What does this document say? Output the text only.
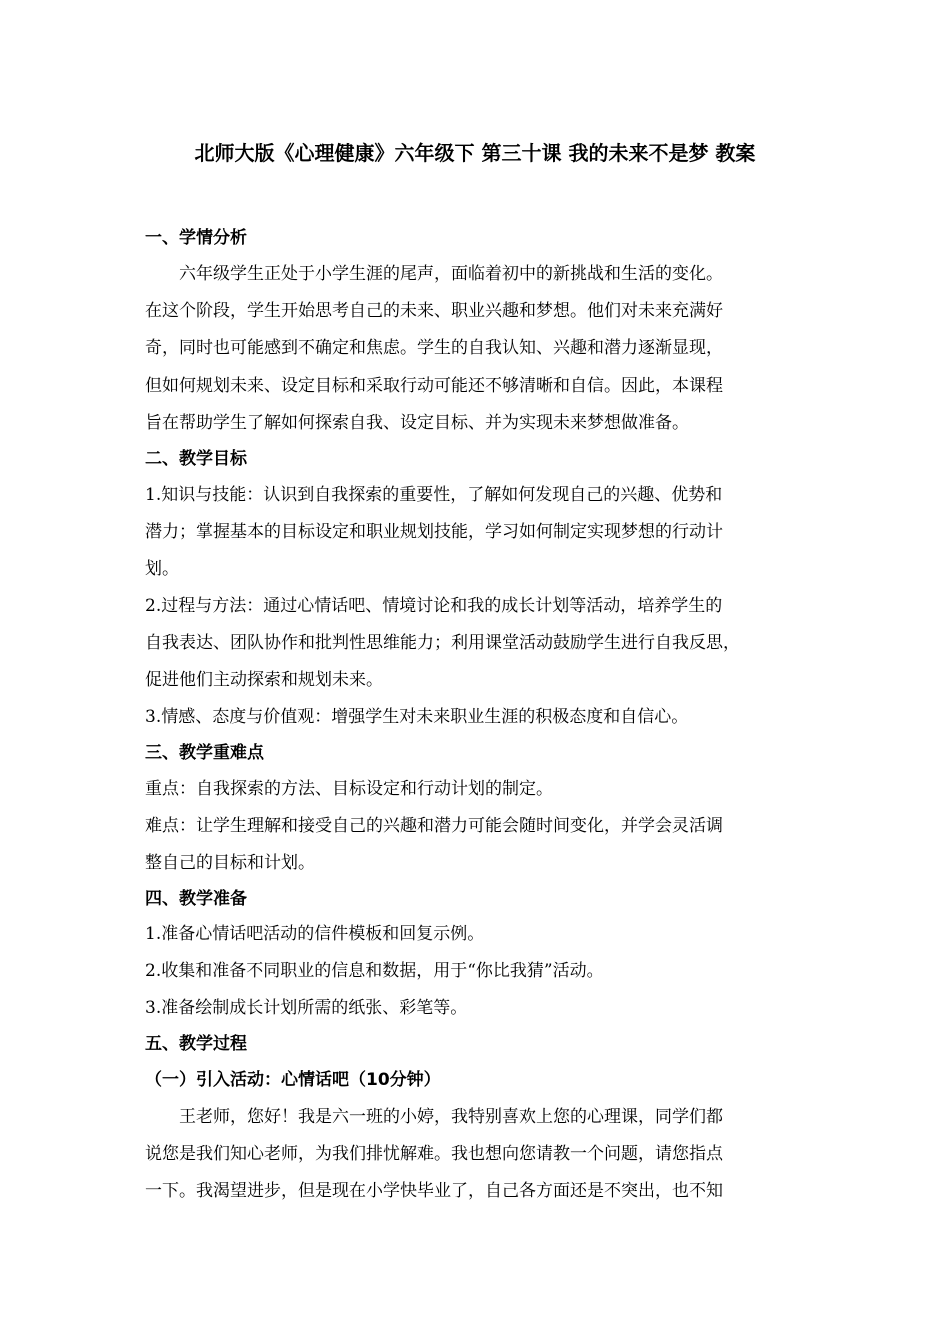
北师大版《心理健康》六年级下 第三十课 我的未来不是梦 教案
一、学情分析
六年级学生正处于小学生涯的尾声，面临着初中的新挑战和生活的变化。
在这个阶段，学生开始思考自己的未来、职业兴趣和梦想。他们对未来充满好
奇，同时也可能感到不确定和焦虑。学生的自我认知、兴趣和潜力逐渐显现，
但如何规划未来、设定目标和采取行动可能还不够清晰和自信。因此，本课程
旨在帮助学生了解如何探索自我、设定目标、并为实现未来梦想做准备。
二、教学目标
1.知识与技能：认识到自我探索的重要性，了解如何发现自己的兴趣、优势和
潜力；掌握基本的目标设定和职业规划技能，学习如何制定实现梦想的行动计
划。
2.过程与方法：通过心情话吧、情境讨论和我的成长计划等活动，培养学生的
自我表达、团队协作和批判性思维能力；利用课堂活动鼓励学生进行自我反思，
促进他们主动探索和规划未来。
3.情感、态度与价值观：增强学生对未来职业生涯的积极态度和自信心。
三、教学重难点
重点：自我探索的方法、目标设定和行动计划的制定。
难点：让学生理解和接受自己的兴趣和潜力可能会随时间变化，并学会灵活调
整自己的目标和计划。
四、教学准备
1.准备心情话吧活动的信件模板和回复示例。
2.收集和准备不同职业的信息和数据，用于“你比我猜”活动。
3.准备绘制成长计划所需的纸张、彩笔等。
五、教学过程
（一）引入活动：心情话吧（10分钟）
王老师，您好！我是六一班的小婷，我特别喜欢上您的心理课，同学们都
说您是我们知心老师，为我们排忧解难。我也想向您请教一个问题，请您指点
一下。我渴望进步，但是现在小学快毕业了，自己各方面还是不突出，也不知
